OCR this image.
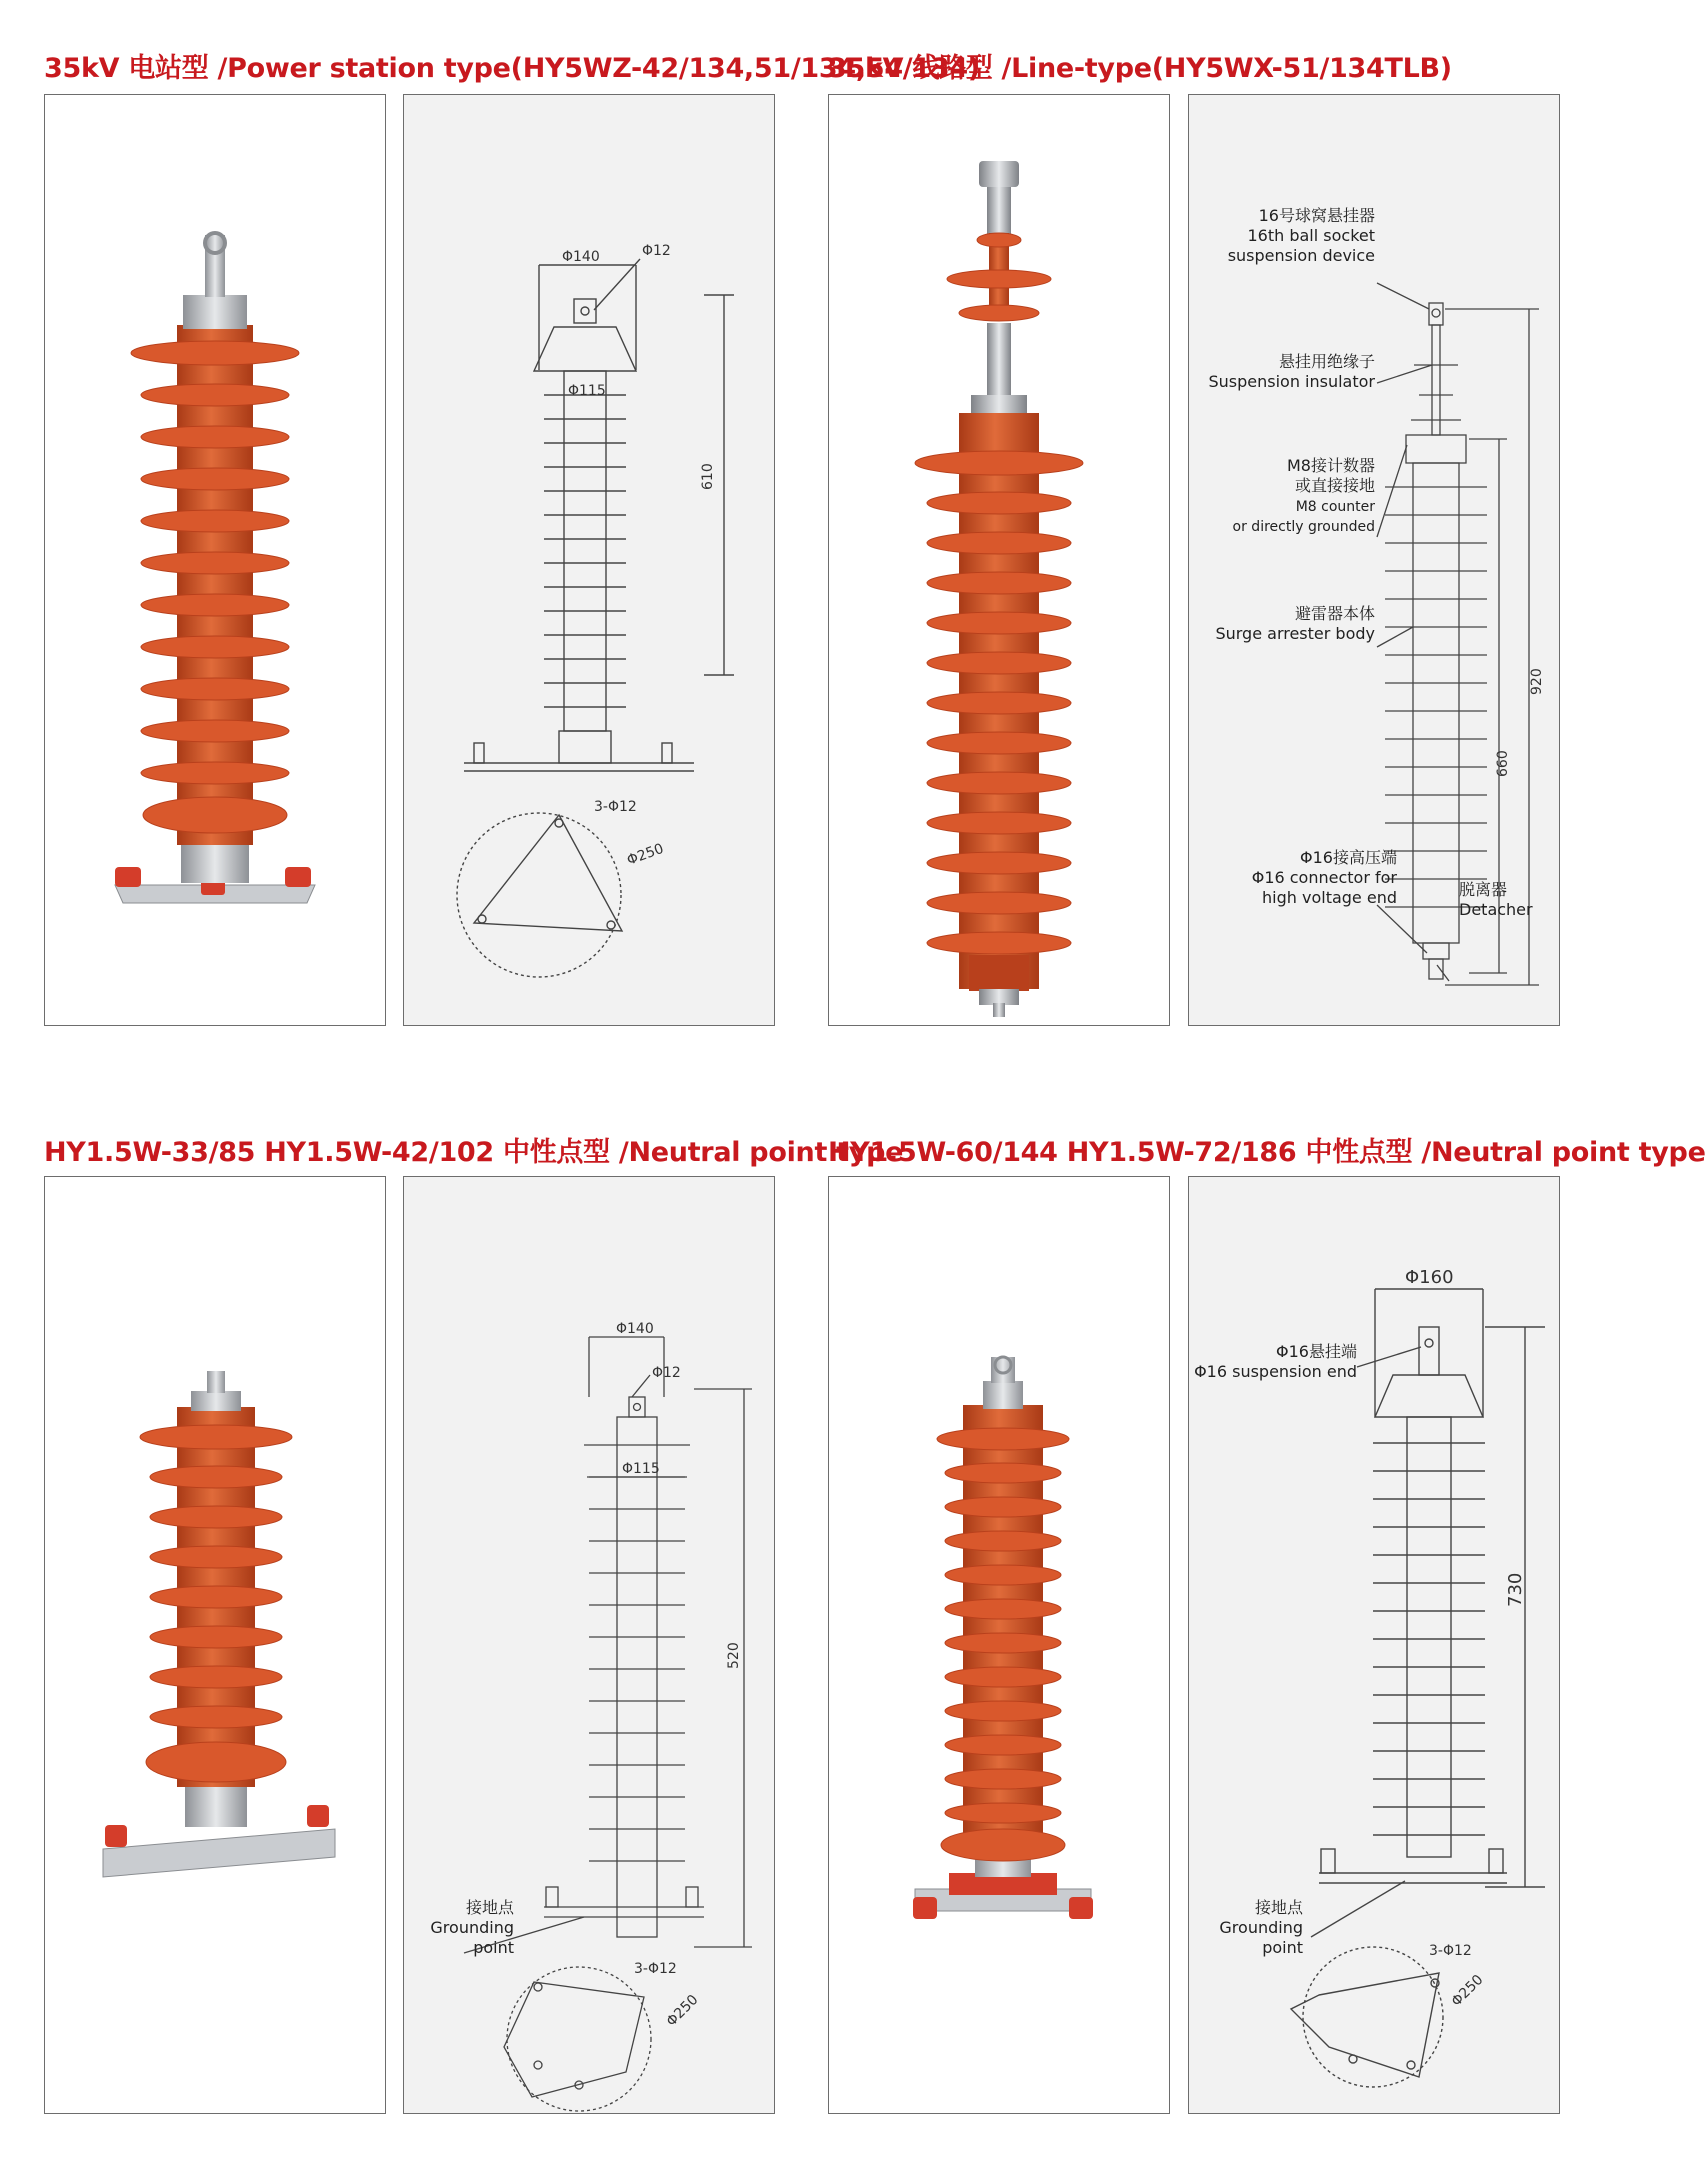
35kV 电站型 /Power station type(HY5WZ-42/134,51/134,54/134)
Φ140	Φ12
Φ115
610
3-Φ12
Φ250
35kV 线路型 /Line-type(HY5WX-51/134TLB)
920
660
16号球窝悬挂器
16th ball socket
suspension device
悬挂用绝缘子
Suspension insulator
M8接计数器
或直接接地
M8 counter
or directly grounded
避雷器本体
Surge arrester body
Φ16接高压端
Φ16 connector for
high voltage end	脱离器
Detacher
HY1.5W-33/85 HY1.5W-42/102 中性点型 /Neutral point type
Φ140
Φ12
Φ115
520
接地点
Grounding
point
3-Φ12
Φ250
HY1.5W-60/144 HY1.5W-72/186 中性点型 /Neutral point type
Φ160
730
Φ16悬挂端
Φ16 suspension end
接地点
Grounding
point	3-Φ12
Φ250
